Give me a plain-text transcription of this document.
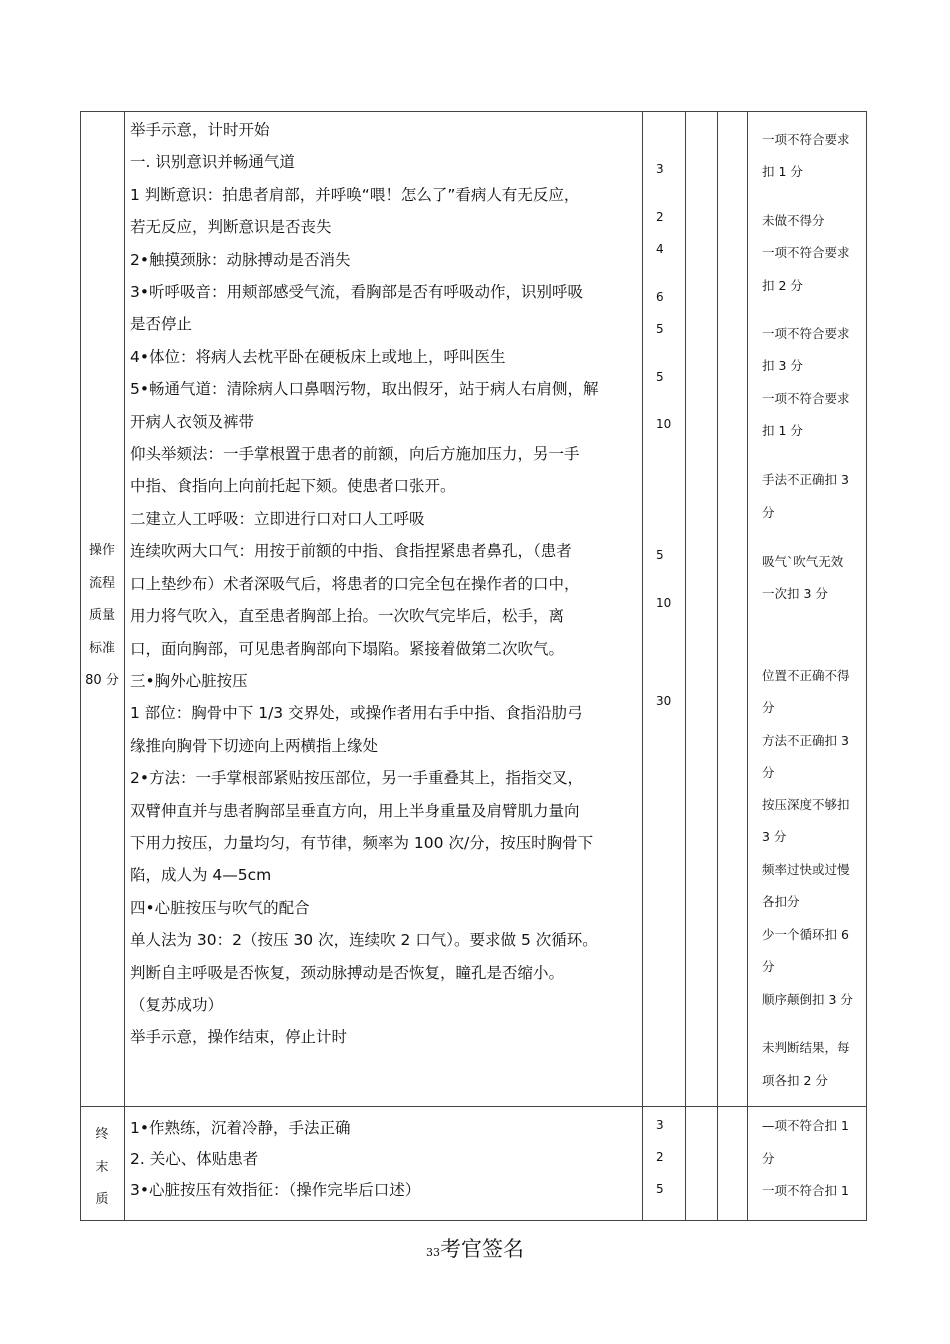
操作
流程
质量
标准
80 分
举手示意，计时开始
一. 识别意识并畅通气道
1 判断意识：拍患者肩部，并呼唤“喂！怎么了”看病人有无反应，
若无反应，判断意识是否丧失
2•触摸颈脉：动脉搏动是否消失
3•听呼吸音：用颊部感受气流，看胸部是否有呼吸动作，识别呼吸
是否停止
4•体位：将病人去枕平卧在硬板床上或地上，呼叫医生
5•畅通气道：清除病人口鼻咽污物，取出假牙，站于病人右肩侧，解
开病人衣领及裤带
仰头举颏法：一手掌根置于患者的前额，向后方施加压力，另一手
中指、食指向上向前托起下颏。使患者口张开。
二建立人工呼吸：立即进行口对口人工呼吸
连续吹两大口气：用按于前额的中指、食指捏紧患者鼻孔，（患者
口上垫纱布）术者深吸气后，将患者的口完全包在操作者的口中，
用力将气吹入，直至患者胸部上抬。一次吹气完毕后，松手，离
口，面向胸部，可见患者胸部向下塌陷。紧接着做第二次吹气。
三•胸外心脏按压
1 部位：胸骨中下 1/3 交界处，或操作者用右手中指、食指沿肋弓
缘推向胸骨下切迹向上两横指上缘处
2•方法：一手掌根部紧贴按压部位，另一手重叠其上，指指交叉，
双臂伸直并与患者胸部呈垂直方向，用上半身重量及肩臂肌力量向
下用力按压，力量均匀，有节律，频率为 100 次/分，按压时胸骨下
陷，成人为 4—5cm
四•心脏按压与吹气的配合
单人法为 30：2（按压 30 次，连续吹 2 口气）。要求做 5 次循环。
判断自主呼吸是否恢复，颈动脉搏动是否恢复，瞳孔是否缩小。
（复苏成功）
举手示意，操作结束，停止计时
3
2
4
6
5
5
10
5
10
30
一项不符合要求
扣 1 分
未做不得分
一项不符合要求
扣 2 分
一项不符合要求
扣 3 分
一项不符合要求
扣 1 分
手法不正确扣 3
分
吸气`吹气无效
一次扣 3 分
位置不正确不得
分
方法不正确扣 3
分
按压深度不够扣
3 分
频率过快或过慢
各扣分
少一个循环扣 6
分
顺序颠倒扣 3 分
未判断结果，每
项各扣 2 分
终
末
质
1•作熟练，沉着冷静，手法正确
2. 关心、体贴患者
3•心脏按压有效指征：（操作完毕后口述）
3
2
5
—项不符合扣 1
分
一项不符合扣 1
33考官签名
